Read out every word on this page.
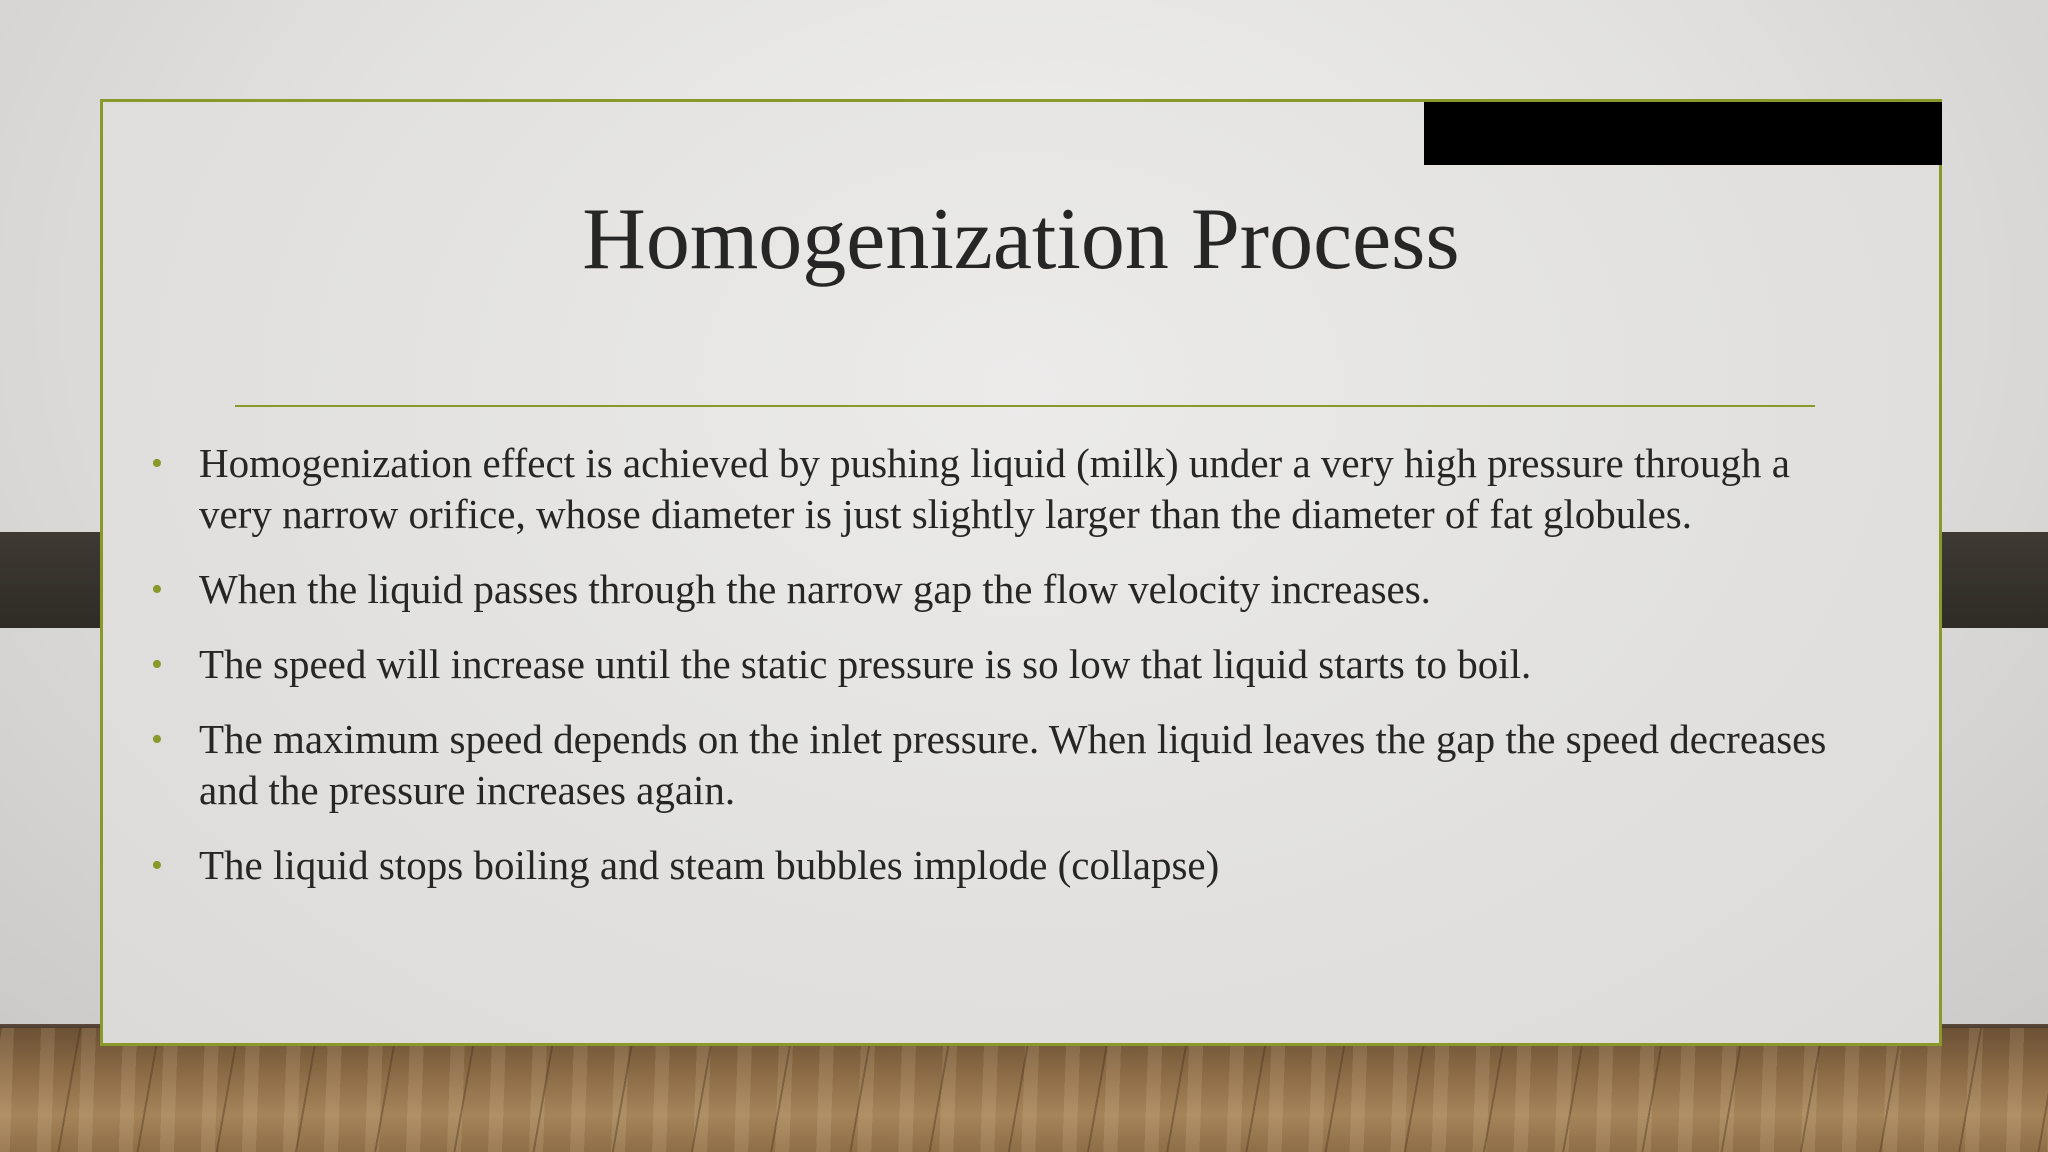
Homogenization Process
• Homogenization effect is achieved by pushing liquid (milk) under a very high pressure through a very narrow orifice, whose diameter is just slightly larger than the diameter of fat globules.
• When the liquid passes through the narrow gap the flow velocity increases.
• The speed will increase until the static pressure is so low that liquid starts to boil.
• The maximum speed depends on the inlet pressure. When liquid leaves the gap the speed decreases and the pressure increases again.
• The liquid stops boiling and steam bubbles implode (collapse)
